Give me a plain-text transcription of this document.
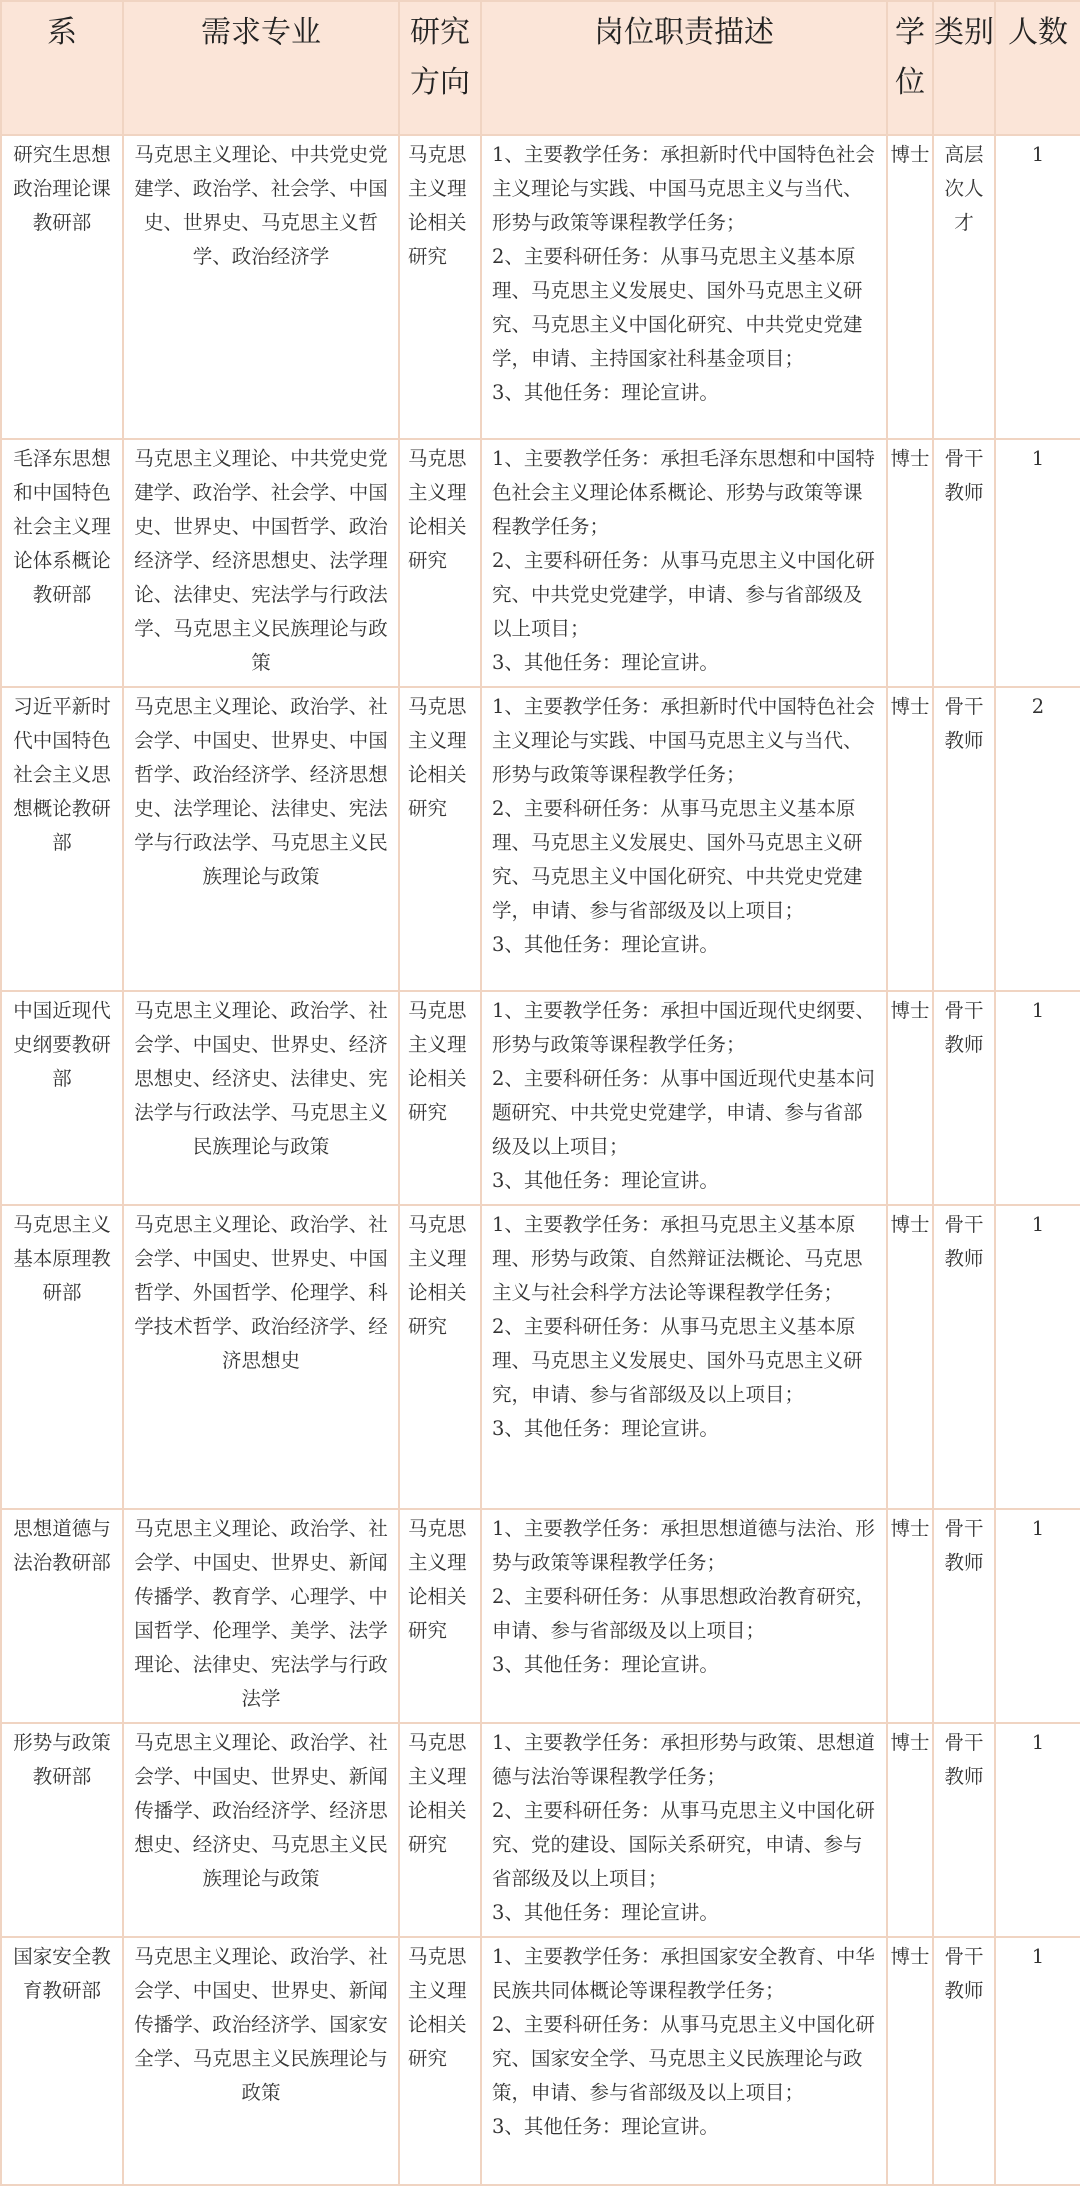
系	需求专业	研究方向	岗位职责描述	学位	类别	人数
研究生思想政治理论课教研部	马克思主义理论、中共党史党建学、政治学、社会学、中国史、世界史、马克思主义哲学、政治经济学	马克思主义理论相关研究	1、主要教学任务：承担新时代中国特色社会主义理论与实践、中国马克思主义与当代、形势与政策等课程教学任务；
2、主要科研任务：从事马克思主义基本原理、马克思主义发展史、国外马克思主义研究、马克思主义中国化研究、中共党史党建学，申请、主持国家社科基金项目；
3、其他任务：理论宣讲。	博士	高层次人才	1
毛泽东思想和中国特色社会主义理论体系概论教研部	马克思主义理论、中共党史党建学、政治学、社会学、中国史、世界史、中国哲学、政治经济学、经济思想史、法学理论、法律史、宪法学与行政法学、马克思主义民族理论与政策	马克思主义理论相关研究	1、主要教学任务：承担毛泽东思想和中国特色社会主义理论体系概论、形势与政策等课程教学任务；
2、主要科研任务：从事马克思主义中国化研究、中共党史党建学，申请、参与省部级及以上项目；
3、其他任务：理论宣讲。	博士	骨干教师	1
习近平新时代中国特色社会主义思想概论教研部	马克思主义理论、政治学、社会学、中国史、世界史、中国哲学、政治经济学、经济思想史、法学理论、法律史、宪法学与行政法学、马克思主义民族理论与政策	马克思主义理论相关研究	1、主要教学任务：承担新时代中国特色社会主义理论与实践、中国马克思主义与当代、形势与政策等课程教学任务；
2、主要科研任务：从事马克思主义基本原理、马克思主义发展史、国外马克思主义研究、马克思主义中国化研究、中共党史党建学，申请、参与省部级及以上项目；
3、其他任务：理论宣讲。	博士	骨干教师	2
中国近现代史纲要教研部	马克思主义理论、政治学、社会学、中国史、世界史、经济思想史、经济史、法律史、宪法学与行政法学、马克思主义民族理论与政策	马克思主义理论相关研究	1、主要教学任务：承担中国近现代史纲要、形势与政策等课程教学任务；
2、主要科研任务：从事中国近现代史基本问题研究、中共党史党建学，申请、参与省部级及以上项目；
3、其他任务：理论宣讲。	博士	骨干教师	1
马克思主义基本原理教研部	马克思主义理论、政治学、社会学、中国史、世界史、中国哲学、外国哲学、伦理学、科学技术哲学、政治经济学、经济思想史	马克思主义理论相关研究	1、主要教学任务：承担马克思主义基本原理、形势与政策、自然辩证法概论、马克思主义与社会科学方法论等课程教学任务；
2、主要科研任务：从事马克思主义基本原理、马克思主义发展史、国外马克思主义研究，申请、参与省部级及以上项目；
3、其他任务：理论宣讲。	博士	骨干教师	1
思想道德与法治教研部	马克思主义理论、政治学、社会学、中国史、世界史、新闻传播学、教育学、心理学、中国哲学、伦理学、美学、法学理论、法律史、宪法学与行政法学	马克思主义理论相关研究	1、主要教学任务：承担思想道德与法治、形势与政策等课程教学任务；
2、主要科研任务：从事思想政治教育研究，申请、参与省部级及以上项目；
3、其他任务：理论宣讲。	博士	骨干教师	1
形势与政策教研部	马克思主义理论、政治学、社会学、中国史、世界史、新闻传播学、政治经济学、经济思想史、经济史、马克思主义民族理论与政策	马克思主义理论相关研究	1、主要教学任务：承担形势与政策、思想道德与法治等课程教学任务；
2、主要科研任务：从事马克思主义中国化研究、党的建设、国际关系研究，申请、参与省部级及以上项目；
3、其他任务：理论宣讲。	博士	骨干教师	1
国家安全教育教研部	马克思主义理论、政治学、社会学、中国史、世界史、新闻传播学、政治经济学、国家安全学、马克思主义民族理论与政策	马克思主义理论相关研究	1、主要教学任务：承担国家安全教育、中华民族共同体概论等课程教学任务；
2、主要科研任务：从事马克思主义中国化研究、国家安全学、马克思主义民族理论与政策，申请、参与省部级及以上项目；
3、其他任务：理论宣讲。	博士	骨干教师	1
